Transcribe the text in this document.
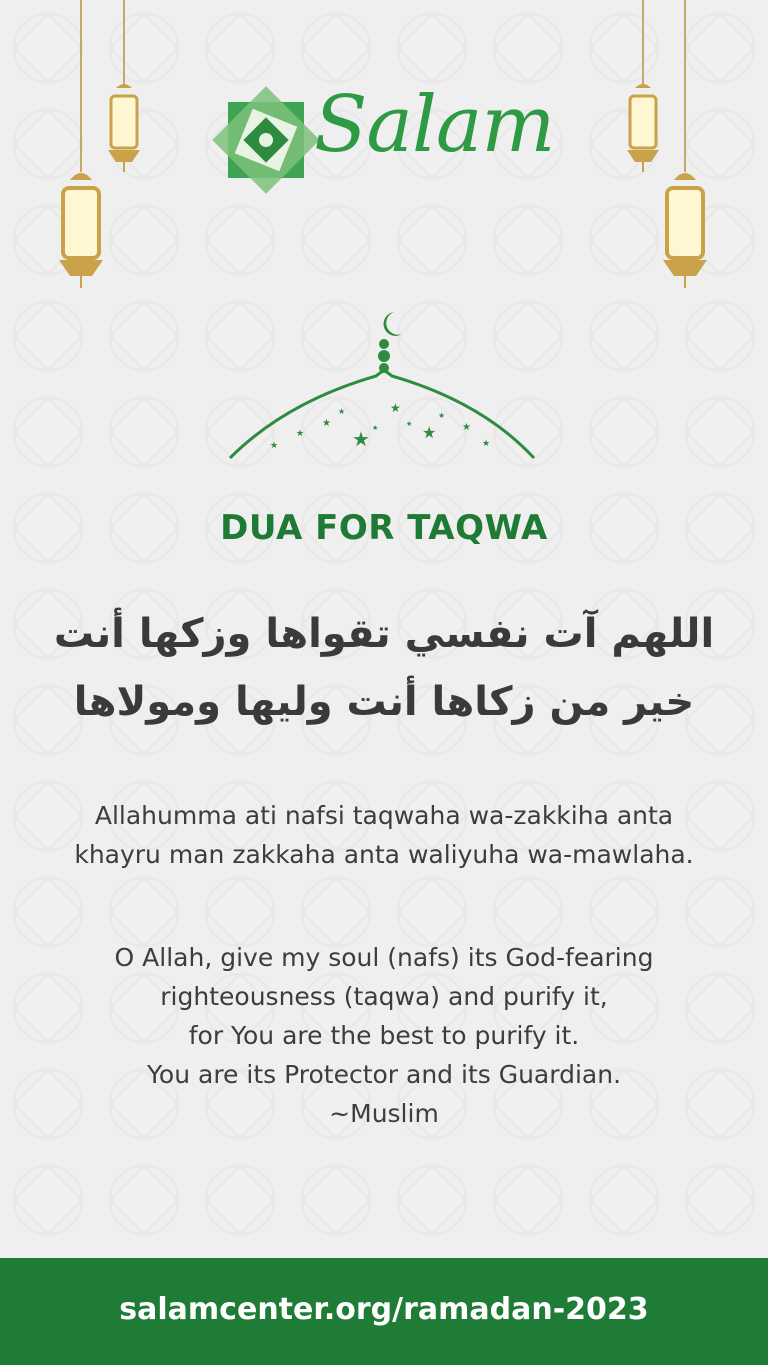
Salam
★	★
★
★	★
★
★	★
★
★
★	★
DUA FOR TAQWA
اللهم آت نفسي تقواها وزكها أنت
خير من زكاها أنت وليها ومولاها
Allahumma ati nafsi taqwaha wa-zakkiha anta
khayru man zakkaha anta waliyuha wa-mawlaha.
O Allah, give my soul (nafs) its God-fearing
righteousness (taqwa) and purify it,
for You are the best to purify it.
You are its Protector and its Guardian.
~Muslim
salamcenter.org/ramadan-2023
